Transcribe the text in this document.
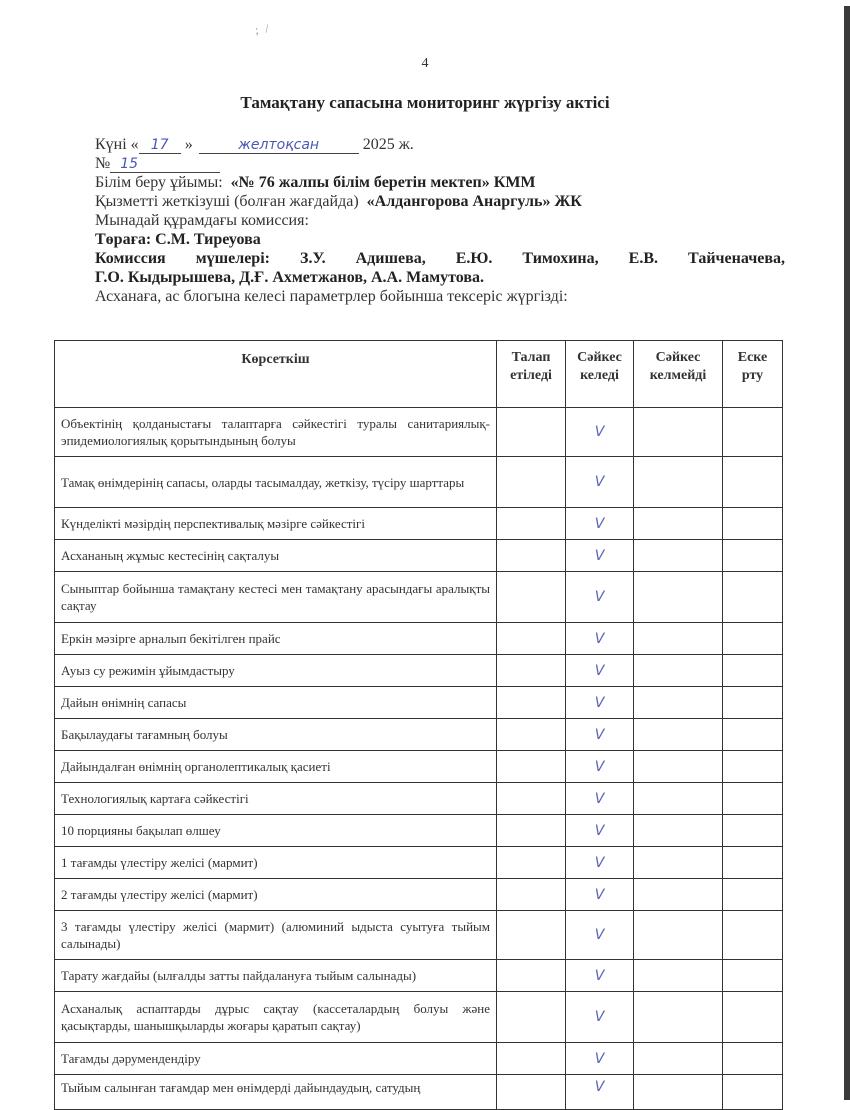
; /
4
Тамақтану сапасына мониторинг жүргізу актісі
Күні « 17 »	желтоқсан	2025 ж.
№ 15
Білім беру ұйымы: «№ 76 жалпы білім беретін мектеп» КММ
Қызметті жеткізуші (болған жағдайда) «Алдангорова Анаргуль» ЖК
Мынадай құрамдағы комиссия:
Төраға: С.М. Тиреуова
Комиссия мүшелері: З.У. Адишева, Е.Ю. Тимохина, Е.В. Тайченачева,
Г.О. Кыдырышева, Д.Ғ. Ахметжанов, А.А. Мамутова.
Асханаға, ас блогына келесі параметрлер бойынша тексеріс жүргізді:
Көрсеткіш	Талап етіледі	Сәйкес келеді	Сәйкес келмейді	Еске рту
Объектінің қолданыстағы талаптарға сәйкестігі туралы санитариялық-эпидемиологиялық қорытындының болуы		V		
Тамақ өнімдерінің сапасы, оларды тасымалдау, жеткізу, түсіру шарттары		V		
Күнделікті мәзірдің перспективалық мәзірге сәйкестігі		V		
Асхананың жұмыс кестесінің сақталуы		V		
Сыныптар бойынша тамақтану кестесі мен тамақтану арасындағы аралықты сақтау		V		
Еркін мәзірге арналып бекітілген прайс		V		
Ауыз су режимін ұйымдастыру		V		
Дайын өнімнің сапасы		V		
Бақылаудағы тағамның болуы		V		
Дайындалған өнімнің органолептикалық қасиеті		V		
Технологиялық картаға сәйкестігі		V		
10 порцияны бақылап өлшеу		V		
1 тағамды үлестіру желісі (мармит)		V		
2 тағамды үлестіру желісі (мармит)		V		
3 тағамды үлестіру желісі (мармит) (алюминий ыдыста суытуға тыйым салынады)		V		
Тарату жағдайы (ылғалды затты пайдалануға тыйым салынады)		V		
Асханалық аспаптарды дұрыс сақтау (кассеталардың болуы және қасықтарды, шанышқыларды жоғары қаратып сақтау)		V		
Тағамды дәрумендендіру		V		
Тыйым салынған тағамдар мен өнімдерді дайындаудың, сатудың		V		
